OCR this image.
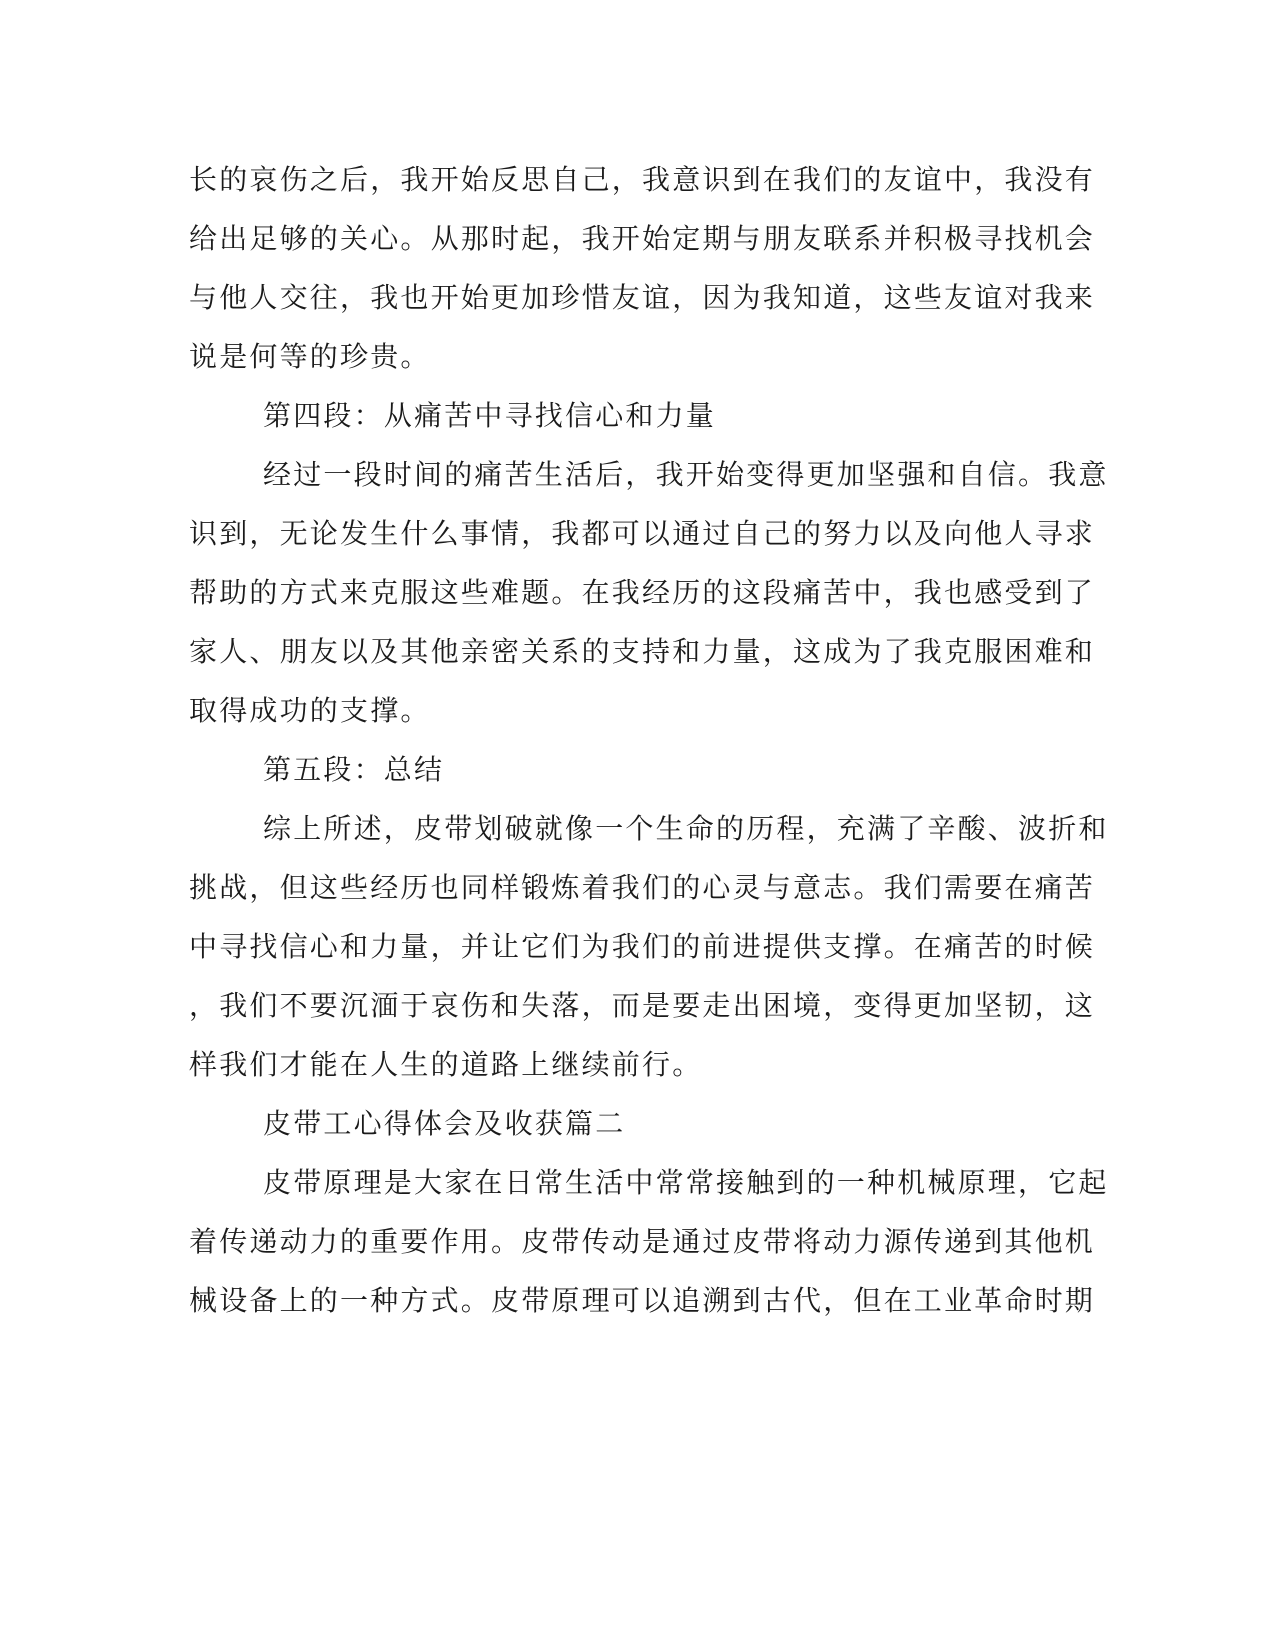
长的哀伤之后，我开始反思自己，我意识到在我们的友谊中，我没有
给出足够的关心。从那时起，我开始定期与朋友联系并积极寻找机会
与他人交往，我也开始更加珍惜友谊，因为我知道，这些友谊对我来
说是何等的珍贵。
第四段：从痛苦中寻找信心和力量
经过一段时间的痛苦生活后，我开始变得更加坚强和自信。我意
识到，无论发生什么事情，我都可以通过自己的努力以及向他人寻求
帮助的方式来克服这些难题。在我经历的这段痛苦中，我也感受到了
家人、朋友以及其他亲密关系的支持和力量，这成为了我克服困难和
取得成功的支撑。
第五段：总结
综上所述，皮带划破就像一个生命的历程，充满了辛酸、波折和
挑战，但这些经历也同样锻炼着我们的心灵与意志。我们需要在痛苦
中寻找信心和力量，并让它们为我们的前进提供支撑。在痛苦的时候
，我们不要沉湎于哀伤和失落，而是要走出困境，变得更加坚韧，这
样我们才能在人生的道路上继续前行。
皮带工心得体会及收获篇二
皮带原理是大家在日常生活中常常接触到的一种机械原理，它起
着传递动力的重要作用。皮带传动是通过皮带将动力源传递到其他机
械设备上的一种方式。皮带原理可以追溯到古代，但在工业革命时期
